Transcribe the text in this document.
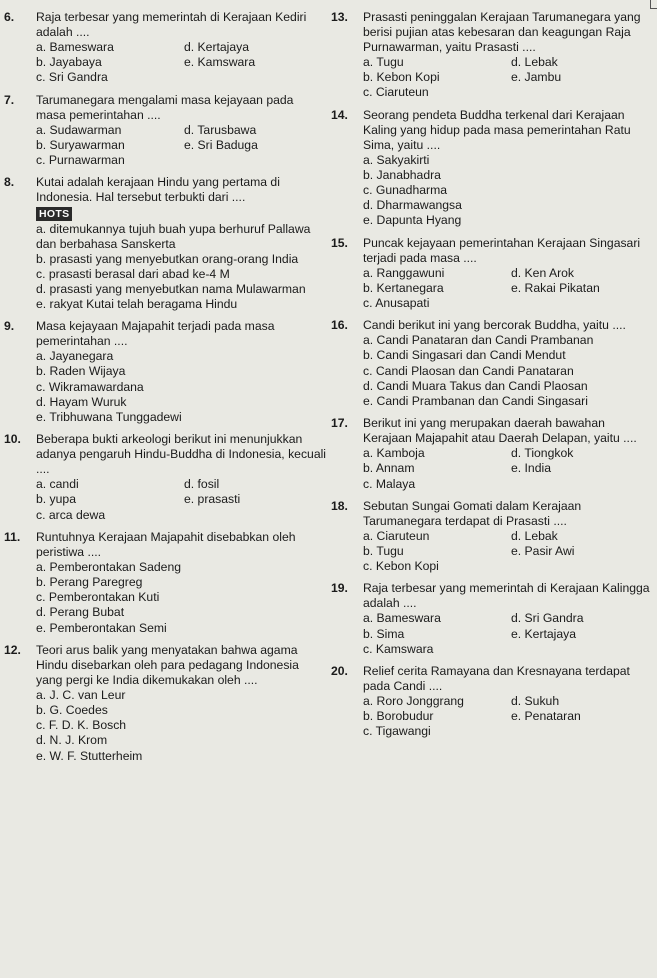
6. Raja terbesar yang memerintah di Kerajaan Kediri adalah ....
a. Bameswara	d. Kertajaya
b. Jayabaya	e. Kamswara
c. Sri Gandra
7. Tarumanegara mengalami masa kejayaan pada masa pemerintahan ....
a. Sudawarman	d. Tarusbawa
b. Suryawarman	e. Sri Baduga
c. Purnawarman
8. Kutai adalah kerajaan Hindu yang pertama di Indonesia. Hal tersebut terbukti dari ....
HOTS
a. ditemukannya tujuh buah yupa berhuruf Pallawa dan berbahasa Sanskerta
b. prasasti yang menyebutkan orang-orang India
c. prasasti berasal dari abad ke-4 M
d. prasasti yang menyebutkan nama Mulawarman
e. rakyat Kutai telah beragama Hindu
9. Masa kejayaan Majapahit terjadi pada masa pemerintahan ....
a. Jayanegara
b. Raden Wijaya
c. Wikramawardana
d. Hayam Wuruk
e. Tribhuwana Tunggadewi
10. Beberapa bukti arkeologi berikut ini menunjukkan adanya pengaruh Hindu-Buddha di Indonesia, kecuali ....
a. candi	d. fosil
b. yupa	e. prasasti
c. arca dewa
11. Runtuhnya Kerajaan Majapahit disebabkan oleh peristiwa ....
a. Pemberontakan Sadeng
b. Perang Paregreg
c. Pemberontakan Kuti
d. Perang Bubat
e. Pemberontakan Semi
12. Teori arus balik yang menyatakan bahwa agama Hindu disebarkan oleh para pedagang Indonesia yang pergi ke India dikemukakan oleh ....
a. J. C. van Leur
b. G. Coedes
c. F. D. K. Bosch
d. N. J. Krom
e. W. F. Stutterheim
13. Prasasti peninggalan Kerajaan Tarumanegara yang berisi pujian atas kebesaran dan keagungan Raja Purnawarman, yaitu Prasasti ....
a. Tugu	d. Lebak
b. Kebon Kopi	e. Jambu
c. Ciaruteun
14. Seorang pendeta Buddha terkenal dari Kerajaan Kaling yang hidup pada masa pemerintahan Ratu Sima, yaitu ....
a. Sakyakirti
b. Janabhadra
c. Gunadharma
d. Dharmawangsa
e. Dapunta Hyang
15. Puncak kejayaan pemerintahan Kerajaan Singasari terjadi pada masa ....
a. Ranggawuni	d. Ken Arok
b. Kertanegara	e. Rakai Pikatan
c. Anusapati
16. Candi berikut ini yang bercorak Buddha, yaitu ....
a. Candi Panataran dan Candi Prambanan
b. Candi Singasari dan Candi Mendut
c. Candi Plaosan dan Candi Panataran
d. Candi Muara Takus dan Candi Plaosan
e. Candi Prambanan dan Candi Singasari
17. Berikut ini yang merupakan daerah bawahan Kerajaan Majapahit atau Daerah Delapan, yaitu ....
a. Kamboja	d. Tiongkok
b. Annam	e. India
c. Malaya
18. Sebutan Sungai Gomati dalam Kerajaan Tarumanegara terdapat di Prasasti ....
a. Ciaruteun	d. Lebak
b. Tugu	e. Pasir Awi
c. Kebon Kopi
19. Raja terbesar yang memerintah di Kerajaan Kalingga adalah ....
a. Bameswara	d. Sri Gandra
b. Sima	e. Kertajaya
c. Kamswara
20. Relief cerita Ramayana dan Kresnayana terdapat pada Candi ....
a. Roro Jonggrang	d. Sukuh
b. Borobudur	e. Penataran
c. Tigawangi
